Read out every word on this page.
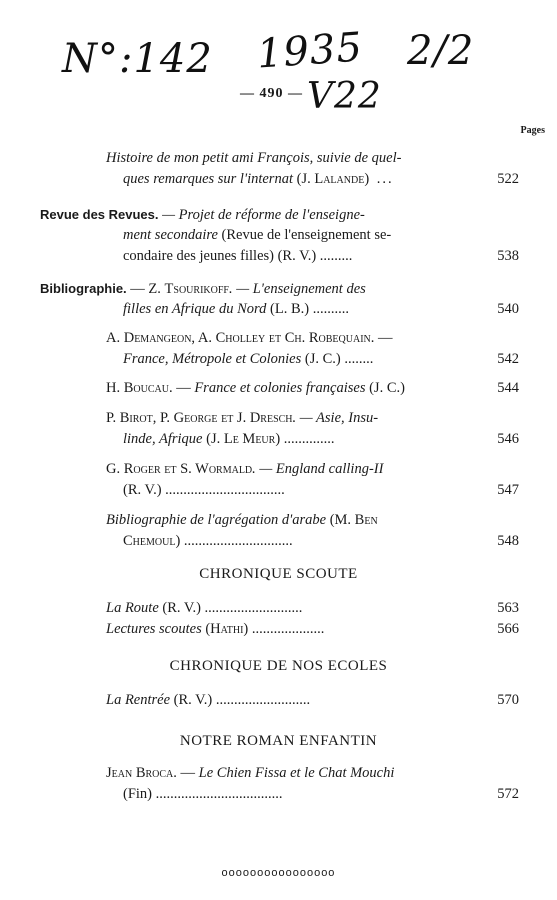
N°:142 1935 2/2
V22
— 490 —
Pages
Histoire de mon petit ami François, suivie de quel-
ques remarques sur l'internat (J. Lalande) ...	522
Revue des Revues. — Projet de réforme de l'enseigne-
ment secondaire (Revue de l'enseignement se-
condaire des jeunes filles) (R. V.) .........	538
Bibliographie. — Z. Tsourikoff. — L'enseignement des
filles en Afrique du Nord (L. B.) ..........	540
A. Demangeon, A. Cholley et Ch. Robequain. —
France, Métropole et Colonies (J. C.) ........	542
H. Boucau. — France et colonies françaises (J. C.)	544
P. Birot, P. George et J. Dresch. — Asie, Insu-
linde, Afrique (J. Le Meur) ..............	546
G. Roger et S. Wormald. — England calling-II
(R. V.) .................................	547
Bibliographie de l'agrégation d'arabe (M. Ben
Chemoul) ..............................	548
CHRONIQUE SCOUTE
La Route (R. V.) ...........................	563
Lectures scoutes (Hathi) ....................	566
CHRONIQUE DE NOS ECOLES
La Rentrée (R. V.) ..........................	570
NOTRE ROMAN ENFANTIN
Jean Broca. — Le Chien Fissa et le Chat Mouchi
(Fin) ...................................	572
oooooooooooooooo
